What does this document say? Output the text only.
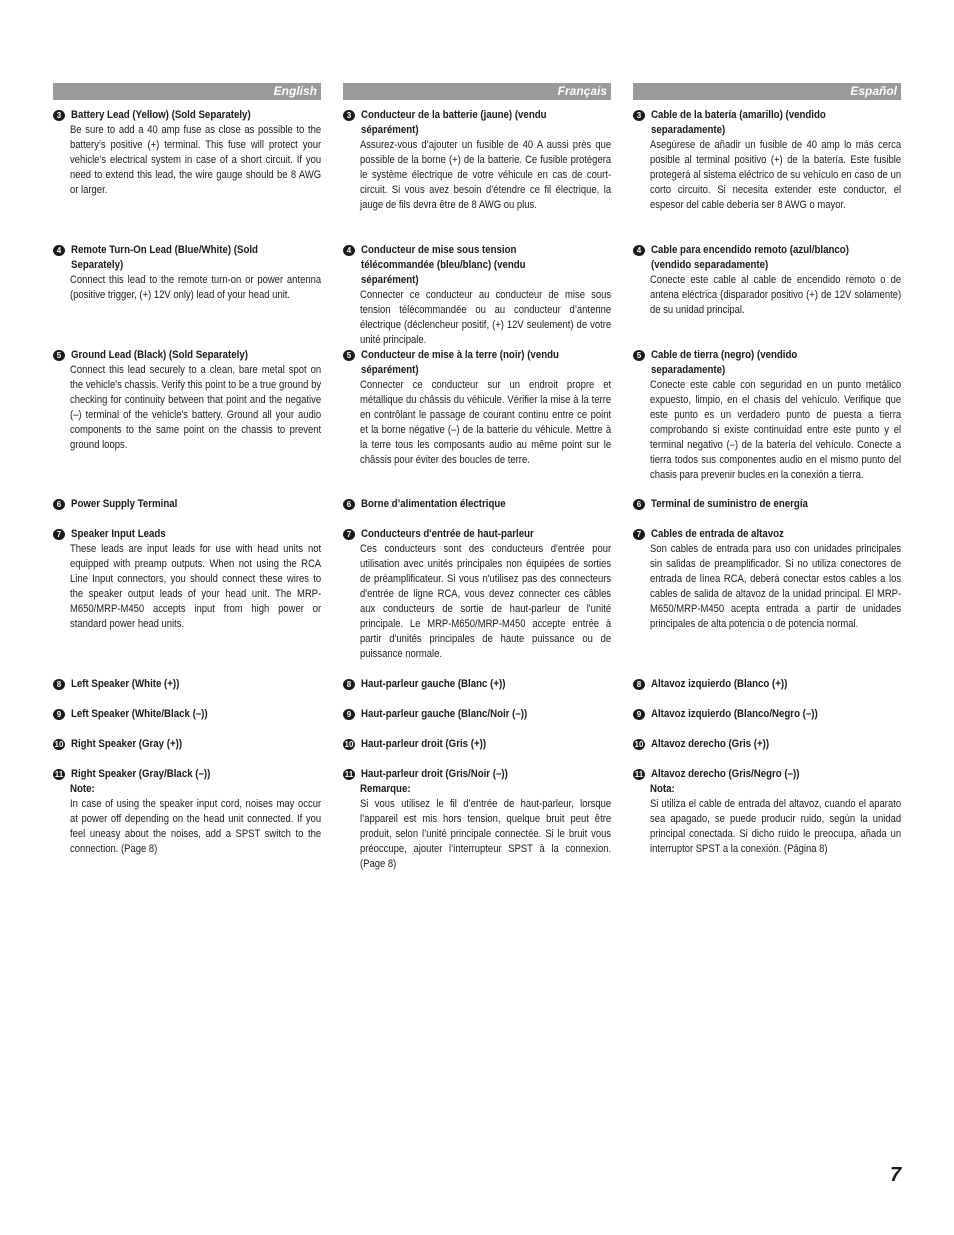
English
3 Battery Lead (Yellow) (Sold Separately)
Be sure to add a 40 amp fuse as close as possible to the battery’s positive (+) terminal. This fuse will protect your vehicle’s electrical system in case of a short circuit. If you need to extend this lead, the wire gauge should be 8 AWG or larger.
4 Remote Turn-On Lead (Blue/White) (Sold Separately)
Connect this lead to the remote turn-on or power antenna (positive trigger, (+) 12V only) lead of your head unit.
5 Ground Lead (Black) (Sold Separately)
Connect this lead securely to a clean, bare metal spot on the vehicle's chassis. Verify this point to be a true ground by checking for continuity between that point and the negative (–) terminal of the vehicle's battery. Ground all your audio components to the same point on the chassis to prevent ground loops.
6 Power Supply Terminal
7 Speaker Input Leads
These leads are input leads for use with head units not equipped with preamp outputs. When not using the RCA Line Input connectors, you should connect these wires to the speaker output leads of your head unit. The MRP-M650/MRP-M450 accepts input from high power or standard power head units.
8 Left Speaker (White (+))
9 Left Speaker (White/Black (–))
10 Right Speaker (Gray (+))
11 Right Speaker (Gray/Black (–))
Note:
In case of using the speaker input cord, noises may occur at power off depending on the head unit connected. If you feel uneasy about the noises, add a SPST switch to the connection. (Page 8)
Français
3 Conducteur de la batterie (jaune) (vendu séparément)
Assurez-vous d’ajouter un fusible de 40 A aussi près que possible de la borne (+) de la batterie. Ce fusible protégera le système électrique de votre véhicule en cas de court-circuit. Si vous avez besoin d’étendre ce fil électrique, la jauge de fils devra être de 8 AWG ou plus.
4 Conducteur de mise sous tension télécommandée (bleu/blanc) (vendu séparément)
Connecter ce conducteur au conducteur de mise sous tension télécommandée ou au conducteur d’antenne électrique (déclencheur positif, (+) 12V seulement) de votre unité principale.
5 Conducteur de mise à la terre (noir) (vendu séparément)
Connecter ce conducteur sur un endroit propre et métallique du châssis du véhicule. Vérifier la mise à la terre en contrôlant le passage de courant continu entre ce point et la borne négative (–) de la batterie du véhicule. Mettre à la terre tous les composants audio au même point sur le châssis pour éviter des boucles de terre.
6 Borne d’alimentation électrique
7 Conducteurs d'entrée de haut-parleur
Ces conducteurs sont des conducteurs d'entrée pour utilisation avec unités principales non équipées de sorties de préamplificateur. Si vous n'utilisez pas des connecteurs d'entrée de ligne RCA, vous devez connecter ces câbles aux conducteurs de sortie de haut-parleur de l'unité principale. Le MRP-M650/MRP-M450 accepte entrée à partir d'unités principales de haute puissance ou de puissance normale.
8 Haut-parleur gauche (Blanc (+))
9 Haut-parleur gauche (Blanc/Noir (–))
10 Haut-parleur droit (Gris (+))
11 Haut-parleur droit (Gris/Noir (–))
Remarque:
Si vous utilisez le fil d’entrée de haut-parleur, lorsque l’appareil est mis hors tension, quelque bruit peut être produit, selon l’unité principale connectée. Si le bruit vous préoccupe, ajouter l’interrupteur SPST à la connexion. (Page 8)
Español
3 Cable de la batería (amarillo) (vendido separadamente)
Asegúrese de añadir un fusible de 40 amp lo más cerca posible al terminal positivo (+) de la batería. Este fusible protegerá al sistema eléctrico de su vehículo en caso de un corto circuito. Si necesita extender este conductor, el espesor del cable debería ser 8 AWG o mayor.
4 Cable para encendido remoto (azul/blanco) (vendido separadamente)
Conecte este cable al cable de encendido remoto o de antena eléctrica (disparador positivo (+) de 12V solamente) de su unidad principal.
5 Cable de tierra (negro) (vendido separadamente)
Conecte este cable con seguridad en un punto metálico expuesto, limpio, en el chasis del vehículo. Verifique que este punto es un verdadero punto de puesta a tierra comprobando si existe continuidad entre este punto y el terminal negativo (–) de la batería del vehículo. Conecte a tierra todos sus componentes audio en el mismo punto del chasis para prevenir bucles en la conexión a tierra.
6 Terminal de suministro de energía
7 Cables de entrada de altavoz
Son cables de entrada para uso con unidades principales sin salidas de preamplificador. Si no utiliza conectores de entrada de línea RCA, deberá conectar estos cables a los cables de salida de altavoz de la unidad principal. El MRP-M650/MRP-M450 acepta entrada a partir de unidades principales de alta potencia o de potencia normal.
8 Altavoz izquierdo (Blanco (+))
9 Altavoz izquierdo (Blanco/Negro (–))
10 Altavoz derecho (Gris (+))
11 Altavoz derecho (Gris/Negro (–))
Nota:
Si utiliza el cable de entrada del altavoz, cuando el aparato sea apagado, se puede producir ruido, según la unidad principal conectada. Si dicho ruido le preocupa, añada un interruptor SPST a la conexión. (Página 8)
7
